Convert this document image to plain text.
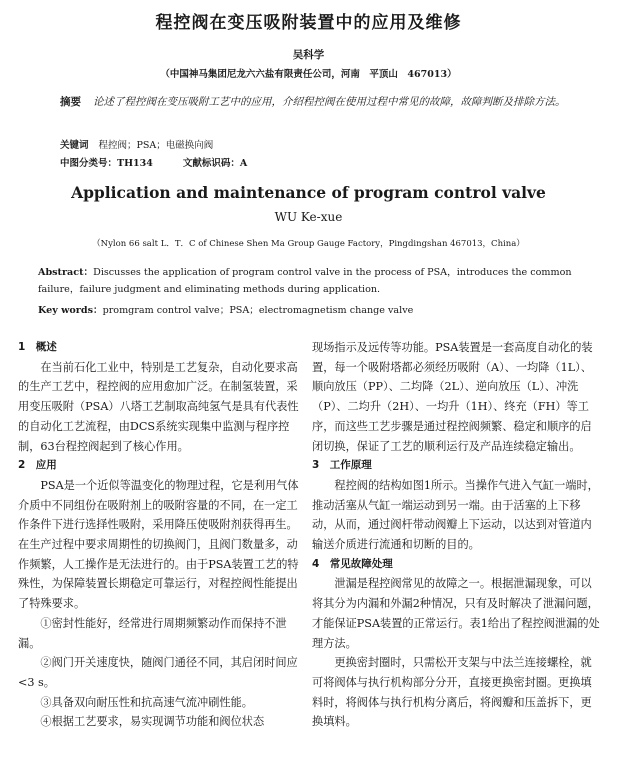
程控阀在变压吸附装置中的应用及维修
吴科学
（中国神马集团尼龙六六盐有限责任公司，河南　平顶山　467013）
摘要 论述了程控阀在变压吸附工艺中的应用，介绍程控阀在使用过程中常见的故障，故障判断及排除方法。
关键词 程控阀；PSA；电磁换向阀
中图分类号：TH134	文献标识码：A
Application and maintenance of program control valve
WU Ke-xue
（Nylon 66 salt L．T．C of Chinese Shen Ma Group Gauge Factory，Pingdingshan 467013，China）
Abstract：Discusses the application of program control valve in the process of PSA，introduces the common failure，failure judgment and eliminating methods during application.
Key words：promgram control valve；PSA；electromagnetism change valve

1　概述

在当前石化工业中，特别是工艺复杂，自动化要求高的生产工艺中，程控阀的应用愈加广泛。在制氢装置，采用变压吸附（PSA）八塔工艺制取高纯氢气是具有代表性的自动化工艺流程，由DCS系统实现集中监测与程序控制，63台程控阀起到了核心作用。

2　应用

PSA是一个近似等温变化的物理过程，它是利用气体介质中不同组份在吸附剂上的吸附容量的不同，在一定工作条件下进行选择性吸附，采用降压使吸附剂获得再生。在生产过程中要求周期性的切换阀门，且阀门数量多，动作频繁，人工操作是无法进行的。由于PSA装置工艺的特殊性，为保障装置长期稳定可靠运行，对程控阀性能提出了特殊要求。

①密封性能好，经常进行周期频繁动作而保持不泄漏。

②阀门开关速度快，随阀门通径不同，其启闭时间应<3 s。

③具备双向耐压性和抗高速气流冲刷性能。

④根据工艺要求，易实现调节功能和阀位状态

现场指示及远传等功能。PSA装置是一套高度自动化的装置，每一个吸附塔都必须经历吸附（A）、一均降（1L）、顺向放压（PP）、二均降（2L）、逆向放压（L）、冲洗（P）、二均升（2H）、一均升（1H）、终充（FH）等工序，而这些工艺步骤是通过程控阀频繁、稳定和顺序的启闭切换，保证了工艺的顺利运行及产品连续稳定输出。

3　工作原理

程控阀的结构如图1所示。当操作气进入气缸一端时，推动活塞从气缸一端运动到另一端。由于活塞的上下移动，从而，通过阀杆带动阀瓣上下运动，以达到对管道内输送介质进行流通和切断的目的。

4　常见故障处理

泄漏是程控阀常见的故障之一。根据泄漏现象，可以将其分为内漏和外漏2种情况，只有及时解决了泄漏问题，才能保证PSA装置的正常运行。表1给出了程控阀泄漏的处理方法。

更换密封圈时，只需松开支架与中法兰连接螺栓，就可将阀体与执行机构部分分开，直接更换密封圈。更换填料时，将阀体与执行机构分离后，将阀瓣和压盖拆下，更换填料。
